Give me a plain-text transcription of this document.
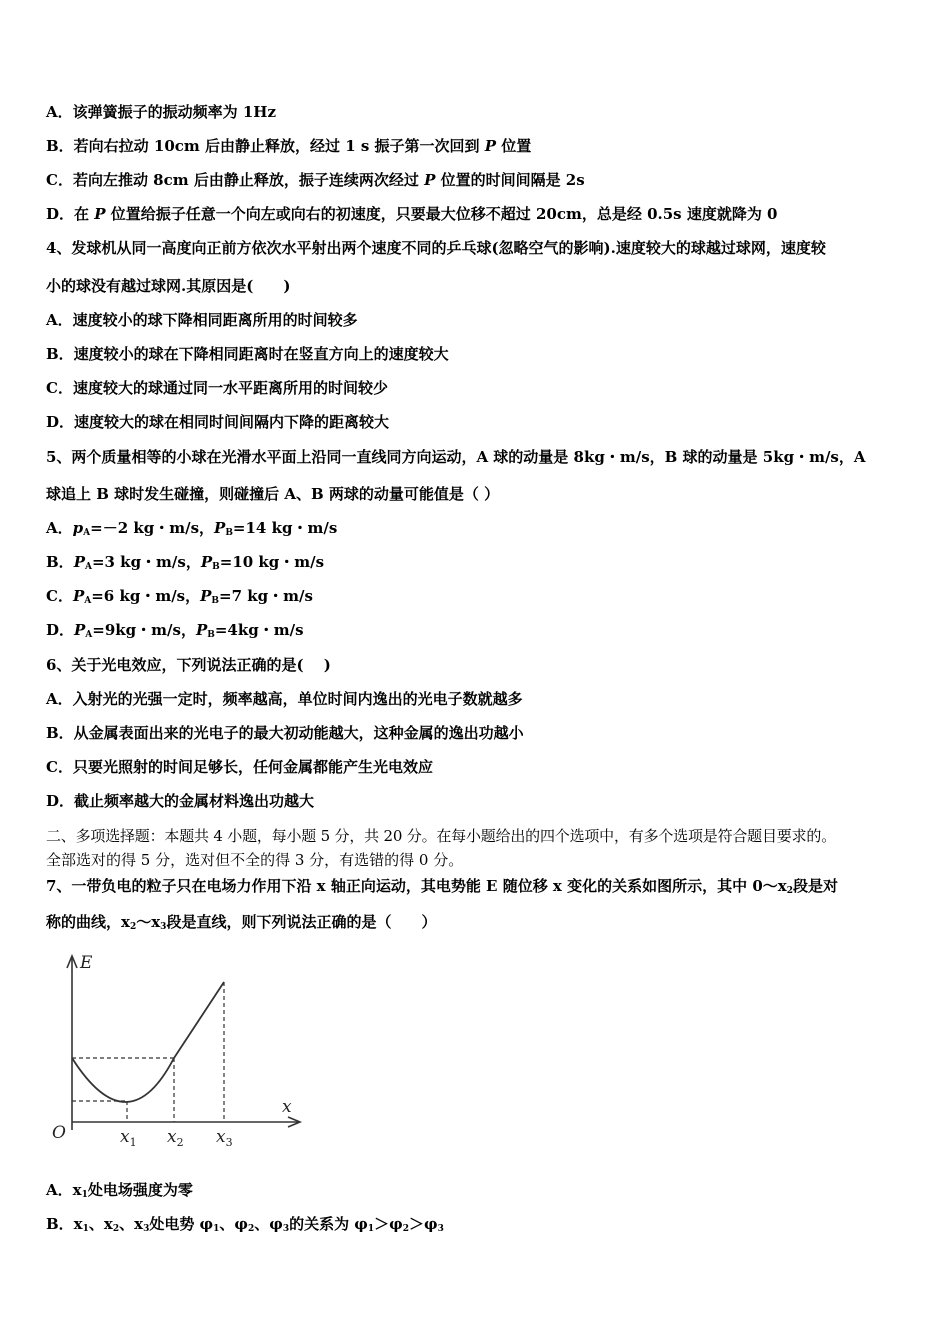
A．该弹簧振子的振动频率为 1Hz
B．若向右拉动 10cm 后由静止释放，经过 1 s 振子第一次回到 P 位置
C．若向左推动 8cm 后由静止释放，振子连续两次经过 P 位置的时间间隔是 2s
D．在 P 位置给振子任意一个向左或向右的初速度，只要最大位移不超过 20cm，总是经 0.5s 速度就降为 0
4、发球机从同一高度向正前方依次水平射出两个速度不同的乒乓球(忽略空气的影响).速度较大的球越过球网，速度较
小的球没有越过球网.其原因是(　　)
A．速度较小的球下降相同距离所用的时间较多
B．速度较小的球在下降相同距离时在竖直方向上的速度较大
C．速度较大的球通过同一水平距离所用的时间较少
D．速度较大的球在相同时间间隔内下降的距离较大
5、两个质量相等的小球在光滑水平面上沿同一直线同方向运动，A 球的动量是 8kg・m/s，B 球的动量是 5kg・m/s，A
球追上 B 球时发生碰撞，则碰撞后 A、B 两球的动量可能值是（ ）
A．$p_A=-2$ kg・m/s，$P_B=14$ kg・m/s
B．$P_A=3$ kg・m/s，$P_B=10$ kg・m/s
C．$P_A=6$ kg・m/s，$P_B=7$ kg・m/s
D．$P_A=9kg$・m/s，$P_B=4kg$・m/s
6、关于光电效应，下列说法正确的是(　 )
A．入射光的光强一定时，频率越高，单位时间内逸出的光电子数就越多
B．从金属表面出来的光电子的最大初动能越大，这种金属的逸出功越小
C．只要光照射的时间足够长，任何金属都能产生光电效应
D．截止频率越大的金属材料逸出功越大
二、多项选择题：本题共 4 小题，每小题 5 分，共 20 分。在每小题给出的四个选项中，有多个选项是符合题目要求的。
全部选对的得 5 分，选对但不全的得 3 分，有选错的得 0 分。
7、一带负电的粒子只在电场力作用下沿 x 轴正向运动，其电势能 E 随位移 x 变化的关系如图所示，其中 $0\sim x_2$段是对
称的曲线，$x_2\sim x_3$段是直线，则下列说法正确的是（　　）
E
x
O	$x_1$ $x_2$ $x_3$
A．$x_1$处电场强度为零
B．$x_1$、$x_2$、$x_3$处电势 $\varphi_1$、$\varphi_2$、$\varphi_3$的关系为 $\varphi_1>\varphi_2>\varphi_3$
